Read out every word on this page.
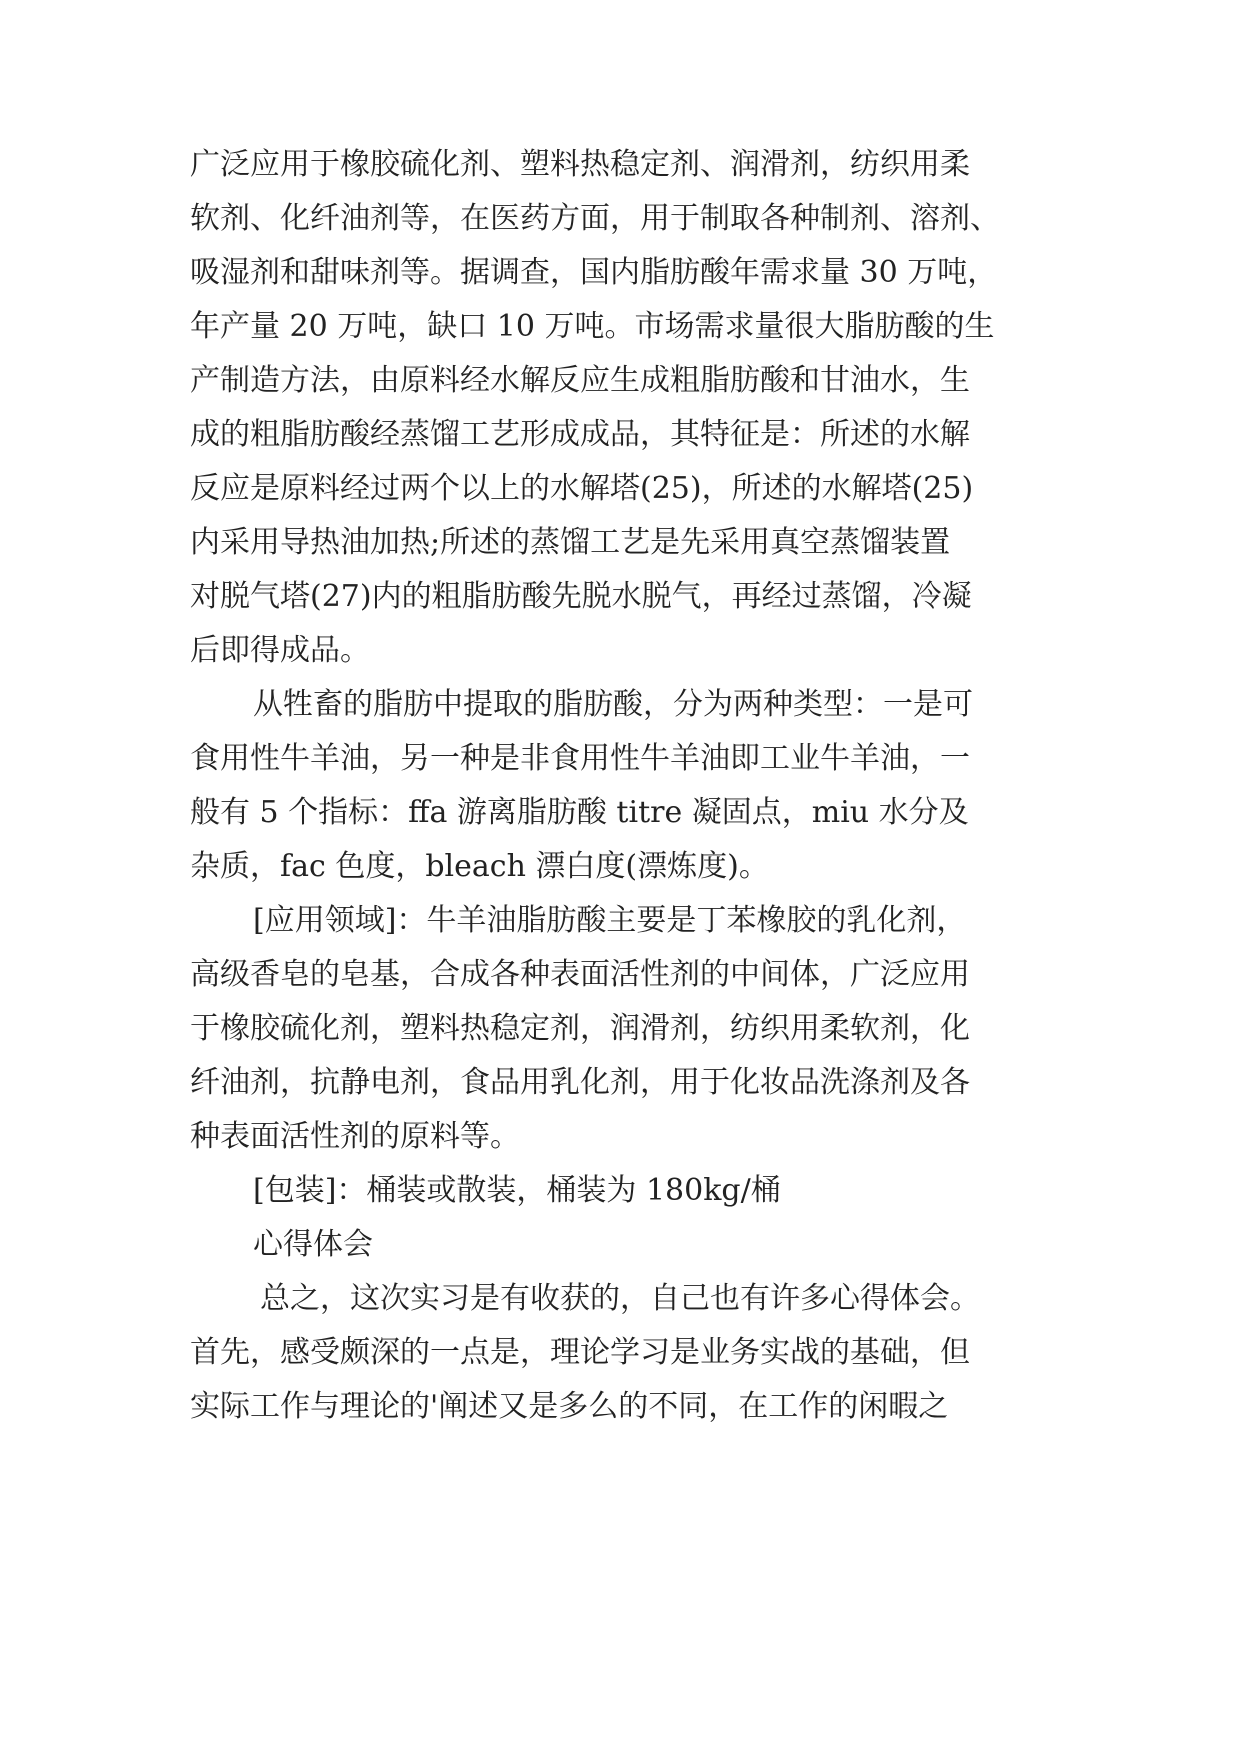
广泛应用于橡胶硫化剂、塑料热稳定剂、润滑剂，纺织用柔

软剂、化纤油剂等，在医药方面，用于制取各种制剂、溶剂、

吸湿剂和甜味剂等。据调查，国内脂肪酸年需求量 30 万吨，

年产量 20 万吨，缺口 10 万吨。市场需求量很大脂肪酸的生

产制造方法，由原料经水解反应生成粗脂肪酸和甘油水，生

成的粗脂肪酸经蒸馏工艺形成成品，其特征是：所述的水解

反应是原料经过两个以上的水解塔(25)，所述的水解塔(25)

内采用导热油加热;所述的蒸馏工艺是先采用真空蒸馏装置

对脱气塔(27)内的粗脂肪酸先脱水脱气，再经过蒸馏，冷凝

后即得成品。

从牲畜的脂肪中提取的脂肪酸，分为两种类型：一是可

食用性牛羊油，另一种是非食用性牛羊油即工业牛羊油，一

般有 5 个指标：ffa 游离脂肪酸 titre 凝固点，miu 水分及

杂质，fac 色度，bleach 漂白度(漂炼度)。

[应用领域]：牛羊油脂肪酸主要是丁苯橡胶的乳化剂，

高级香皂的皂基，合成各种表面活性剂的中间体，广泛应用

于橡胶硫化剂，塑料热稳定剂，润滑剂，纺织用柔软剂，化

纤油剂，抗静电剂，食品用乳化剂，用于化妆品洗涤剂及各

种表面活性剂的原料等。

[包装]：桶装或散装，桶装为 180kg/桶

心得体会

总之，这次实习是有收获的，自己也有许多心得体会。

首先，感受颇深的一点是，理论学习是业务实战的基础，但

实际工作与理论的'阐述又是多么的不同，在工作的闲暇之
